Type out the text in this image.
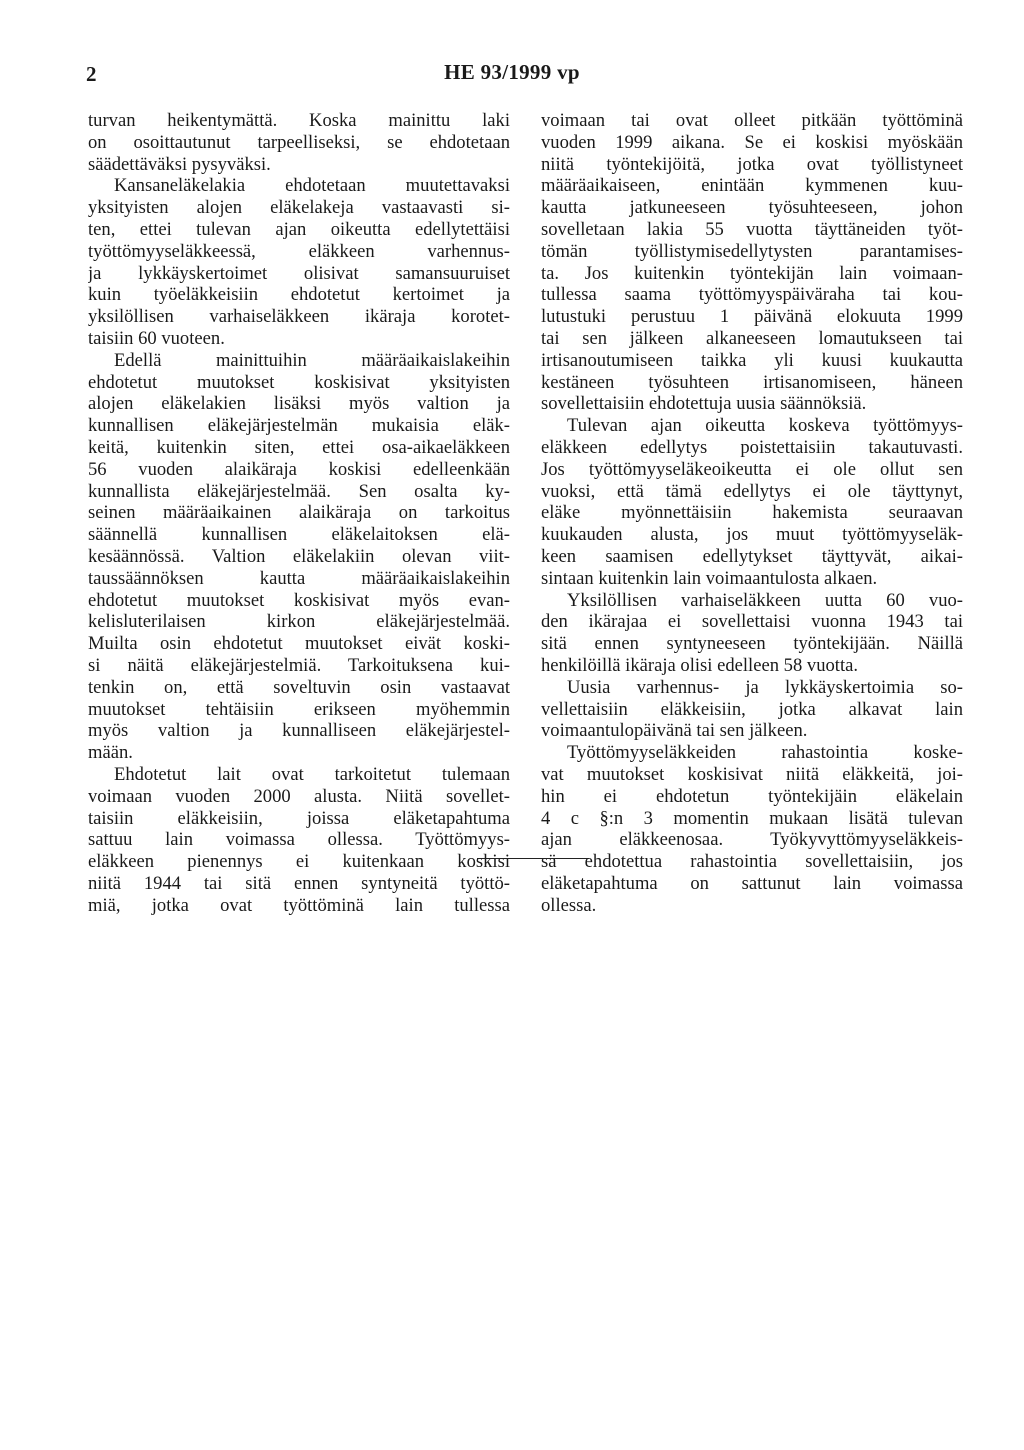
2	HE 93/1999 vp
turvan heikentymättä. Koska mainittu laki
on osoittautunut tarpeelliseksi, se ehdotetaan
säädettäväksi pysyväksi.
Kansaneläkelakia ehdotetaan muutettavaksi
yksityisten alojen eläkelakeja vastaavasti si-
ten, ettei tulevan ajan oikeutta edellytettäisi
työttömyyseläkkeessä, eläkkeen varhennus-
ja lykkäyskertoimet olisivat samansuuruiset
kuin työeläkkeisiin ehdotetut kertoimet ja
yksilöllisen varhaiseläkkeen ikäraja korotet-
taisiin 60 vuoteen.
Edellä mainittuihin määräaikaislakeihin
ehdotetut muutokset koskisivat yksityisten
alojen eläkelakien lisäksi myös valtion ja
kunnallisen eläkejärjestelmän mukaisia eläk-
keitä, kuitenkin siten, ettei osa-aikaeläkkeen
56 vuoden alaikäraja koskisi edelleenkään
kunnallista eläkejärjestelmää. Sen osalta ky-
seinen määräaikainen alaikäraja on tarkoitus
säännellä kunnallisen eläkelaitoksen elä-
kesäännössä. Valtion eläkelakiin olevan viit-
taussäännöksen kautta määräaikaislakeihin
ehdotetut muutokset koskisivat myös evan-
kelisluterilaisen kirkon eläkejärjestelmää.
Muilta osin ehdotetut muutokset eivät koski-
si näitä eläkejärjestelmiä. Tarkoituksena kui-
tenkin on, että soveltuvin osin vastaavat
muutokset tehtäisiin erikseen myöhemmin
myös valtion ja kunnalliseen eläkejärjestel-
mään.
Ehdotetut lait ovat tarkoitetut tulemaan
voimaan vuoden 2000 alusta. Niitä sovellet-
taisiin eläkkeisiin, joissa eläketapahtuma
sattuu lain voimassa ollessa. Työttömyys-
eläkkeen pienennys ei kuitenkaan koskisi
niitä 1944 tai sitä ennen syntyneitä työttö-
miä, jotka ovat työttöminä lain tullessa
voimaan tai ovat olleet pitkään työttöminä
vuoden 1999 aikana. Se ei koskisi myöskään
niitä työntekijöitä, jotka ovat työllistyneet
määräaikaiseen, enintään kymmenen kuu-
kautta jatkuneeseen työsuhteeseen, johon
sovelletaan lakia 55 vuotta täyttäneiden työt-
tömän työllistymisedellytysten parantamises-
ta. Jos kuitenkin työntekijän lain voimaan-
tullessa saama työttömyyspäiväraha tai kou-
lutustuki perustuu 1 päivänä elokuuta 1999
tai sen jälkeen alkaneeseen lomautukseen tai
irtisanoutumiseen taikka yli kuusi kuukautta
kestäneen työsuhteen irtisanomiseen, häneen
sovellettaisiin ehdotettuja uusia säännöksiä.
Tulevan ajan oikeutta koskeva työttömyys-
eläkkeen edellytys poistettaisiin takautuvasti.
Jos työttömyyseläkeoikeutta ei ole ollut sen
vuoksi, että tämä edellytys ei ole täyttynyt,
eläke myönnettäisiin hakemista seuraavan
kuukauden alusta, jos muut työttömyyseläk-
keen saamisen edellytykset täyttyvät, aikai-
sintaan kuitenkin lain voimaantulosta alkaen.
Yksilöllisen varhaiseläkkeen uutta 60 vuo-
den ikärajaa ei sovellettaisi vuonna 1943 tai
sitä ennen syntyneeseen työntekijään. Näillä
henkilöillä ikäraja olisi edelleen 58 vuotta.
Uusia varhennus- ja lykkäyskertoimia so-
vellettaisiin eläkkeisiin, jotka alkavat lain
voimaantulopäivänä tai sen jälkeen.
Työttömyyseläkkeiden rahastointia koske-
vat muutokset koskisivat niitä eläkkeitä, joi-
hin ei ehdotetun työntekijäin eläkelain
4 c §:n 3 momentin mukaan lisätä tulevan
ajan eläkkeenosaa. Työkyvyttömyyseläkkeis-
sä ehdotettua rahastointia sovellettaisiin, jos
eläketapahtuma on sattunut lain voimassa
ollessa.
